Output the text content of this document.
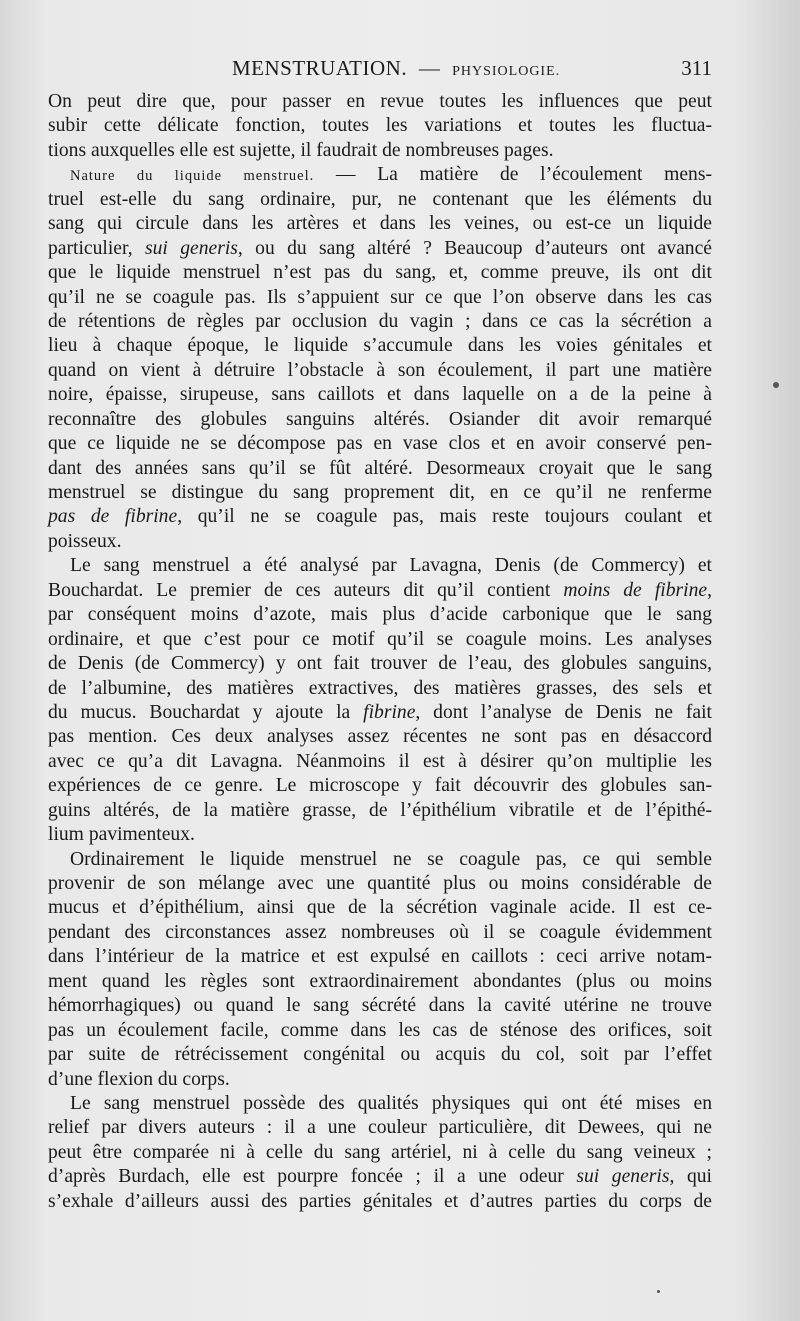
MENSTRUATION. — PHYSIOLOGIE.	311
On peut dire que, pour passer en revue toutes les influences que peut
subir cette délicate fonction, toutes les variations et toutes les fluctua-
tions auxquelles elle est sujette, il faudrait de nombreuses pages.
Nature du liquide menstruel. — La matière de l’écoulement mens-
truel est-elle du sang ordinaire, pur, ne contenant que les éléments du
sang qui circule dans les artères et dans les veines, ou est-ce un liquide
particulier, sui generis, ou du sang altéré ? Beaucoup d’auteurs ont avancé
que le liquide menstruel n’est pas du sang, et, comme preuve, ils ont dit
qu’il ne se coagule pas. Ils s’appuient sur ce que l’on observe dans les cas
de rétentions de règles par occlusion du vagin ; dans ce cas la sécrétion a
lieu à chaque époque, le liquide s’accumule dans les voies génitales et
quand on vient à détruire l’obstacle à son écoulement, il part une matière
noire, épaisse, sirupeuse, sans caillots et dans laquelle on a de la peine à
reconnaître des globules sanguins altérés. Osiander dit avoir remarqué
que ce liquide ne se décompose pas en vase clos et en avoir conservé pen-
dant des années sans qu’il se fût altéré. Desormeaux croyait que le sang
menstruel se distingue du sang proprement dit, en ce qu’il ne renferme
pas de fibrine, qu’il ne se coagule pas, mais reste toujours coulant et
poisseux.
Le sang menstruel a été analysé par Lavagna, Denis (de Commercy) et
Bouchardat. Le premier de ces auteurs dit qu’il contient moins de fibrine,
par conséquent moins d’azote, mais plus d’acide carbonique que le sang
ordinaire, et que c’est pour ce motif qu’il se coagule moins. Les analyses
de Denis (de Commercy) y ont fait trouver de l’eau, des globules sanguins,
de l’albumine, des matières extractives, des matières grasses, des sels et
du mucus. Bouchardat y ajoute la fibrine, dont l’analyse de Denis ne fait
pas mention. Ces deux analyses assez récentes ne sont pas en désaccord
avec ce qu’a dit Lavagna. Néanmoins il est à désirer qu’on multiplie les
expériences de ce genre. Le microscope y fait découvrir des globules san-
guins altérés, de la matière grasse, de l’épithélium vibratile et de l’épithé-
lium pavimenteux.
Ordinairement le liquide menstruel ne se coagule pas, ce qui semble
provenir de son mélange avec une quantité plus ou moins considérable de
mucus et d’épithélium, ainsi que de la sécrétion vaginale acide. Il est ce-
pendant des circonstances assez nombreuses où il se coagule évidemment
dans l’intérieur de la matrice et est expulsé en caillots : ceci arrive notam-
ment quand les règles sont extraordinairement abondantes (plus ou moins
hémorrhagiques) ou quand le sang sécrété dans la cavité utérine ne trouve
pas un écoulement facile, comme dans les cas de sténose des orifices, soit
par suite de rétrécissement congénital ou acquis du col, soit par l’effet
d’une flexion du corps.
Le sang menstruel possède des qualités physiques qui ont été mises en
relief par divers auteurs : il a une couleur particulière, dit Dewees, qui ne
peut être comparée ni à celle du sang artériel, ni à celle du sang veineux ;
d’après Burdach, elle est pourpre foncée ; il a une odeur sui generis, qui
s’exhale d’ailleurs aussi des parties génitales et d’autres parties du corps de
